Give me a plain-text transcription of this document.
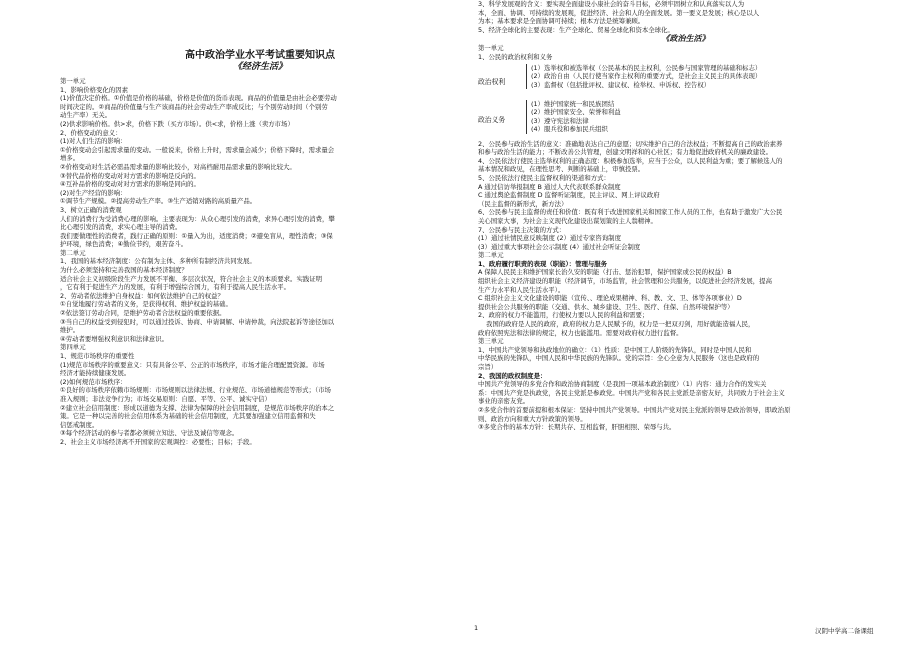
高中政治学业水平考试重要知识点
《经济生活》
第一单元
1、影响价格变化的因素
(1)价值决定价格。①价值是价格的基础，价格是价值的货币表现。商品的价值量是由社会必要劳动
时间决定的。②商品的价值量与生产该商品的社会劳动生产率成反比；与个别劳动时间（个别劳
动生产率）无关。
(2)供求影响价格。供>求，价格下跌（买方市场）。供<求，价格上涨（卖方市场）
2、价格变动的意义：
(1)对人们生活的影响：
①价格变动会引起需求量的变动。一般说来，价格上升时，需求量会减少；价格下降时，需求量会
增多。
②价格变动对生活必需品需求量的影响比较小，对高档耐用品需求量的影响比较大。
③替代品价格的变动对对方需求的影响是反向的。
④互补品价格的变动对对方需求的影响是同向的。
(2)对生产经营的影响：
①调节生产规模。②提高劳动生产率。③生产适销对路的高质量产品。
3、树立正确的消费观
人们的消费行为受消费心理的影响。主要表现为：从众心理引发的消费，求异心理引发的消费，攀
比心理引发的消费，求实心理主导的消费。
我们要做理性的消费者，践行正确的原则：①量入为出，适度消费；②避免盲从，理性消费；③保
护环境，绿色消费；④勤俭节约，艰苦奋斗。
第二单元
1、我国的基本经济制度：公有制为主体、多种所有制经济共同发展。
为什么必须坚持和完善我国的基本经济制度？
适合社会主义初级阶段生产力发展不平衡、多层次状况，符合社会主义的本质要求。实践证明
，它有利于促进生产力的发展，有利于增强综合国力，有利于提高人民生活水平。
2、劳动者依法维护自身权益：如何依法维护自己的权益？
①自觉地履行劳动者的义务，是获得权利、维护权益的基础。
②依法签订劳动合同，是维护劳动者合法权益的重要依据。
③当自己的权益受到侵犯时，可以通过投诉、协商、申请调解、申请仲裁，向法院起诉等途径加以
维护。
④劳动者要增强权利意识和法律意识。
第四单元
1、规范市场秩序的重要性
(1)规范市场秩序的重要意义：只有具备公平、公正的市场秩序，市场才能合理配置资源。市场
经济才能持续健康发展。
(2)如何规范市场秩序：
①良好的市场秩序依赖市场规则：市场规则以法律法规、行业规范、市场道德规范等形式；（市场
准入规则；非法竞争行为；市场交易原则：自愿、平等、公平、诚实守信）
②建立社会信用制度：形成以道德为支撑、法律为保障的社会信用制度，是规范市场秩序的治本之
策。它是一种以完善的社会信用体系为基础的社会信用制度，尤其要加强建立信用监督和失
信惩戒制度。
③每个经济活动的参与者都必须树立知法、守法及诚信等观念。
2、社会主义市场经济离不开国家的宏观调控：必要性；目标；手段。
3、科学发展观的含义：要实现全面建设小康社会的奋斗目标，必须牢固树立和认真落实以人为
本，全面、协调、可持续的发展观，促进经济、社会和人的全面发展。第一要义是发展；核心是以人
为本；基本要求是全面协调可持续；根本方法是统筹兼顾。
5、经济全球化的主要表现：生产全球化、贸易全球化和资本全球化。
《政治生活》
第一单元
1、公民的政治权利和义务
政治权利
(1）选举权和被选举权（公民基本的民主权利，公民参与国家管理的基础和标志）
(2）政治自由（人民行使当家作主权利的重要方式，是社会主义民主的具体表现）
(3）监督权（包括批评权、建议权、检举权、申诉权、控告权）
政治义务
(1）维护国家统一和民族团结
(2）维护国家安全、荣誉和利益
(3）遵守宪法和法律
(4）服兵役和参加民兵组织
2、公民参与政治生活的意义：准确地表达自己的意愿；切实维护自己的合法权益；不断提高自己的政治素养
和参与政治生活的能力；不断改善公共管理，创建文明祥和的心社区；有力地促进政府机关的廉政建设。
4、公民依法行使民主选举权利的正确态度：积极参加选举，应当于公众，以人民利益为重；要了解候选人的
基本情况和政见，在理性思考、判断的基础上，审慎投票。
5、公民依法行使民主监督权利的渠道和方式：
A 通过信访举报制度 B 通过人大代表联系群众制度
C 通过舆论监督制度 D 监督听证制度，民主评议、网上评议政府
（民主监督的新形式，新方法）
6、公民参与民主监督的责任和价值：既有利于改进国家机关和国家工作人员的工作，也有助于激发广大公民
关心国家大事，为社会主义现代化建设出谋划策的主人翁精神。
7、公民参与民主决策的方式：
(1）通过社情民意反映制度 (2）通过专家咨询制度
(3）通过重大事项社会公示制度 (4）通过社会听证会制度
第二单元
1、政府履行职责的表现（职能）：管理与服务
A 保障人民民主和维护国家长治久安的职能（打击、惩治犯罪，保护国家或公民的权益）B
组织社会主义经济建设的职能（经济调节，市场监管，社会管理和公共服务，以促进社会经济发展，提高
生产力水平和人民生活水平）。
C 组织社会主义文化建设的职能（宣传、、理论成果精神、科、教、文、卫、体等各项事业）D
提供社会公共服务的职能（交通、供水、城乡建设、卫生、医疗、住保、自然环境保护等）
2、政府的权力不能滥用，行使权力要以人民的利益和需要；
我国的政府是人民的政府，政府的权力是人民赋予的，权力是一把双刃剑，用好就能造福人民，
政府依照宪法和法律的规定，权力也能滥用。需要对政府权力进行监督。
第三单元
1、中国共产党领导和执政地位的确立：（1）性质：是中国工人阶级的先锋队，同时是中国人民和
中华民族的先锋队，中国人民和中华民族的先锋队。党的宗旨：全心全意为人民服务（这也是政府的
宗旨）
2、我国的政权制度是：
中国共产党领导的多党合作和政治协商制度（是我国一项基本政治制度）（1）内容：通力合作的发实关
系：中国共产党是执政党，各民主党派是参政党。中国共产党和各民主党派是亲密友好，共同致力于社会主义
事业的亲密友党。
②多党合作的首要前提和根本保证：坚持中国共产党领导。中国共产党对民主党派的领导是政治领导，即政治原
则、政治方向和重大方针政策的领导。
③多党合作的基本方针：长期共存、互相监督，肝胆相照、荣辱与共。
1	汉阴中学高二备课组
